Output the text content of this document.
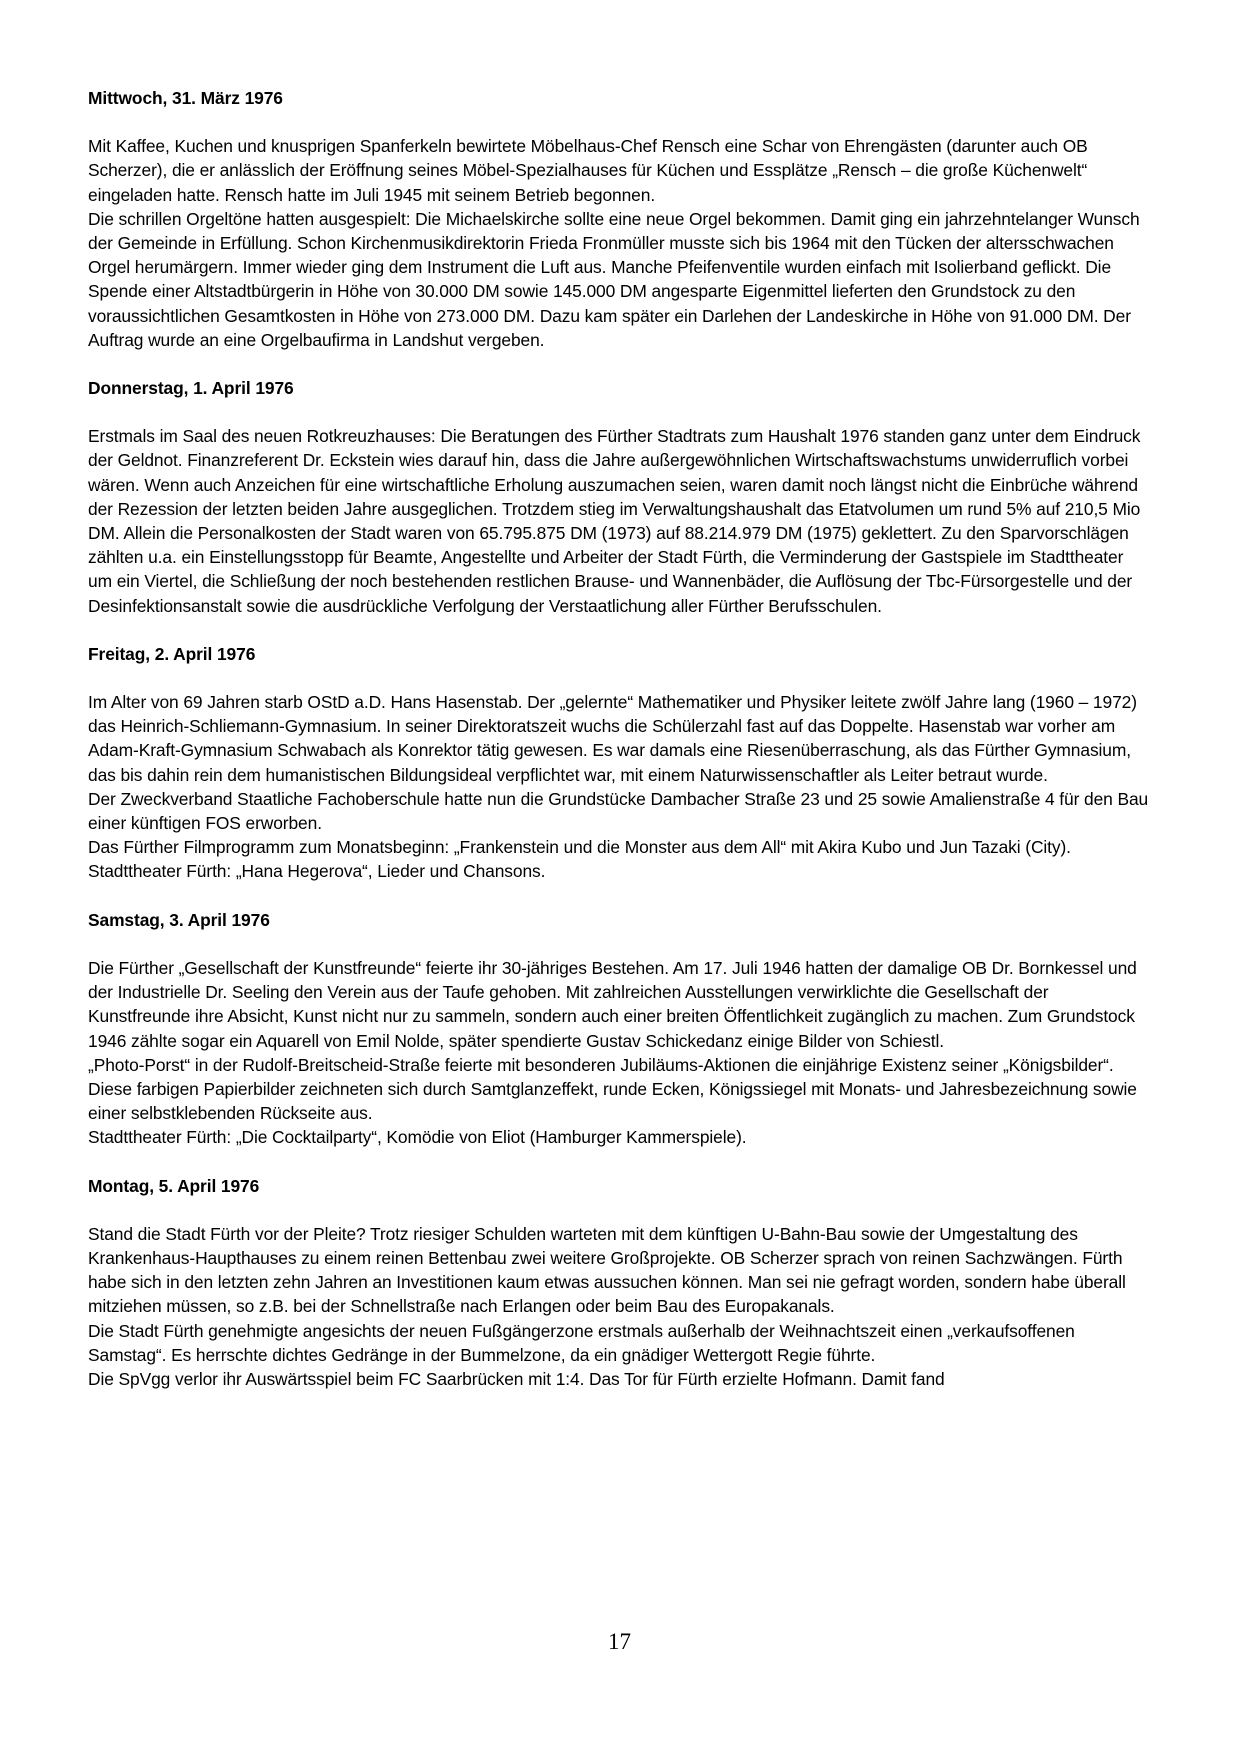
Mittwoch, 31. März 1976

Mit Kaffee, Kuchen und knusprigen Spanferkeln bewirtete Möbelhaus-Chef Rensch eine Schar von Ehrengästen (darunter auch OB Scherzer), die er anlässlich der Eröffnung seines Möbel-Spezialhauses für Küchen und Essplätze „Rensch – die große Küchenwelt“ eingeladen hatte. Rensch hatte im Juli 1945 mit seinem Betrieb begonnen.

Die schrillen Orgeltöne hatten ausgespielt: Die Michaelskirche sollte eine neue Orgel bekommen. Damit ging ein jahrzehntelanger Wunsch der Gemeinde in Erfüllung. Schon Kirchenmusikdirektorin Frieda Fronmüller musste sich bis 1964 mit den Tücken der altersschwachen Orgel herumärgern. Immer wieder ging dem Instrument die Luft aus. Manche Pfeifenventile wurden einfach mit Isolierband geflickt. Die Spende einer Altstadtbürgerin in Höhe von 30.000 DM sowie 145.000 DM angesparte Eigenmittel lieferten den Grundstock zu den voraussichtlichen Gesamtkosten in Höhe von 273.000 DM. Dazu kam später ein Darlehen der Landeskirche in Höhe von 91.000 DM. Der Auftrag wurde an eine Orgelbaufirma in Landshut vergeben.

Donnerstag, 1. April 1976

Erstmals im Saal des neuen Rotkreuzhauses: Die Beratungen des Fürther Stadtrats zum Haushalt 1976 standen ganz unter dem Eindruck der Geldnot. Finanzreferent Dr. Eckstein wies darauf hin, dass die Jahre außergewöhnlichen Wirtschaftswachstums unwiderruflich vorbei wären. Wenn auch Anzeichen für eine wirtschaftliche Erholung auszumachen seien, waren damit noch längst nicht die Einbrüche während der Rezession der letzten beiden Jahre ausgeglichen. Trotzdem stieg im Verwaltungshaushalt das Etatvolumen um rund 5% auf 210,5 Mio DM. Allein die Personalkosten der Stadt waren von 65.795.875 DM (1973) auf 88.214.979 DM (1975) geklettert. Zu den Sparvorschlägen zählten u.a. ein Einstellungsstopp für Beamte, Angestellte und Arbeiter der Stadt Fürth, die Verminderung der Gastspiele im Stadttheater um ein Viertel, die Schließung der noch bestehenden restlichen Brause- und Wannenbäder, die Auflösung der Tbc-Fürsorgestelle und der Desinfektionsanstalt sowie die ausdrückliche Verfolgung der Verstaatlichung aller Fürther Berufsschulen.

Freitag, 2. April 1976

Im Alter von 69 Jahren starb OStD a.D. Hans Hasenstab. Der „gelernte“ Mathematiker und Physiker leitete zwölf Jahre lang (1960 – 1972) das Heinrich-Schliemann-Gymnasium. In seiner Direktoratszeit wuchs die Schülerzahl fast auf das Doppelte. Hasenstab war vorher am Adam-Kraft-Gymnasium Schwabach als Konrektor tätig gewesen. Es war damals eine Riesenüberraschung, als das Fürther Gymnasium, das bis dahin rein dem humanistischen Bildungsideal verpflichtet war, mit einem Naturwissenschaftler als Leiter betraut wurde.

Der Zweckverband Staatliche Fachoberschule hatte nun die Grundstücke Dambacher Straße 23 und 25 sowie Amalienstraße 4 für den Bau einer künftigen FOS erworben.

Das Fürther Filmprogramm zum Monatsbeginn: „Frankenstein und die Monster aus dem All“ mit Akira Kubo und Jun Tazaki (City).

Stadttheater Fürth: „Hana Hegerova“, Lieder und Chansons.

Samstag, 3. April 1976

Die Fürther „Gesellschaft der Kunstfreunde“ feierte ihr 30-jähriges Bestehen. Am 17. Juli 1946 hatten der damalige OB Dr. Bornkessel und der Industrielle Dr. Seeling den Verein aus der Taufe gehoben. Mit zahlreichen Ausstellungen verwirklichte die Gesellschaft der Kunstfreunde ihre Absicht, Kunst nicht nur zu sammeln, sondern auch einer breiten Öffentlichkeit zugänglich zu machen. Zum Grundstock 1946 zählte sogar ein Aquarell von Emil Nolde, später spendierte Gustav Schickedanz einige Bilder von Schiestl.

„Photo-Porst“ in der Rudolf-Breitscheid-Straße feierte mit besonderen Jubiläums-Aktionen die einjährige Existenz seiner „Königsbilder“. Diese farbigen Papierbilder zeichneten sich durch Samtglanzeffekt, runde Ecken, Königssiegel mit Monats- und Jahresbezeichnung sowie einer selbstklebenden Rückseite aus.

Stadttheater Fürth: „Die Cocktailparty“, Komödie von Eliot (Hamburger Kammerspiele).

Montag, 5. April 1976

Stand die Stadt Fürth vor der Pleite? Trotz riesiger Schulden warteten mit dem künftigen U-Bahn-Bau sowie der Umgestaltung des Krankenhaus-Haupthauses zu einem reinen Bettenbau zwei weitere Großprojekte. OB Scherzer sprach von reinen Sachzwängen. Fürth habe sich in den letzten zehn Jahren an Investitionen kaum etwas aussuchen können. Man sei nie gefragt worden, sondern habe überall mitziehen müssen, so z.B. bei der Schnellstraße nach Erlangen oder beim Bau des Europakanals.

Die Stadt Fürth genehmigte angesichts der neuen Fußgängerzone erstmals außerhalb der Weihnachtszeit einen „verkaufsoffenen Samstag“. Es herrschte dichtes Gedränge in der Bummelzone, da ein gnädiger Wettergott Regie führte.

Die SpVgg verlor ihr Auswärtsspiel beim FC Saarbrücken mit 1:4. Das Tor für Fürth erzielte Hofmann. Damit fand

17
